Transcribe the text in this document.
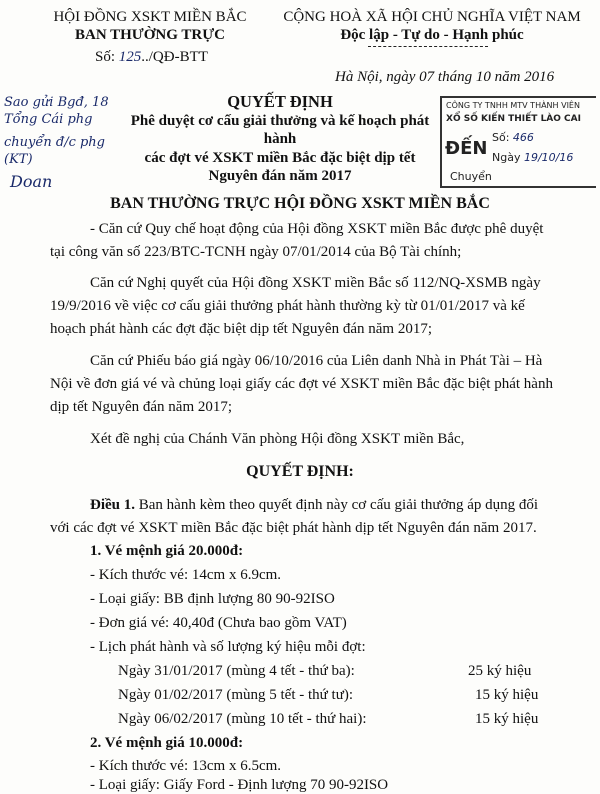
HỘI ĐỒNG XSKT MIỀN BẮC
BAN THƯỜNG TRỰC
Số: 125../QĐ-BTT
CỘNG HOÀ XÃ HỘI CHỦ NGHĨA VIỆT NAM
Độc lập - Tự do - Hạnh phúc
Hà Nội, ngày 07 tháng 10 năm 2016
Sao gửi Bgđ, 18 Tổng Cái phg
chuyển đ/c phg (KT)
Doan
CÔNG TY TNHH MTV THÀNH VIÊN
XỔ SỐ KIẾN THIẾT LÀO CAI
ĐẾN
Số: 466
Ngày 19/10/16
Chuyển
QUYẾT ĐỊNH
Phê duyệt cơ cấu giải thưởng và kế hoạch phát hành
các đợt vé XSKT miền Bắc đặc biệt dịp tết Nguyên đán năm 2017
BAN THƯỜNG TRỰC HỘI ĐỒNG XSKT MIỀN BẮC
- Căn cứ Quy chế hoạt động của Hội đồng XSKT miền Bắc được phê duyệt
tại công văn số 223/BTC-TCNH ngày 07/01/2014 của Bộ Tài chính;
Căn cứ Nghị quyết của Hội đồng XSKT miền Bắc số 112/NQ-XSMB ngày
19/9/2016 về việc cơ cấu giải thưởng phát hành thường kỳ từ 01/01/2017 và kế
hoạch phát hành các đợt đặc biệt dịp tết Nguyên đán năm 2017;
Căn cứ Phiếu báo giá ngày 06/10/2016 của Liên danh Nhà in Phát Tài – Hà
Nội về đơn giá vé và chủng loại giấy các đợt vé XSKT miền Bắc đặc biệt phát hành
dịp tết Nguyên đán năm 2017;
Xét đề nghị của Chánh Văn phòng Hội đồng XSKT miền Bắc,
QUYẾT ĐỊNH:
Điều 1. Ban hành kèm theo quyết định này cơ cấu giải thưởng áp dụng đối
với các đợt vé XSKT miền Bắc đặc biệt phát hành dịp tết Nguyên đán năm 2017.
1. Vé mệnh giá 20.000đ:
- Kích thước vé: 14cm x 6.9cm.
- Loại giấy: BB định lượng 80 90-92ISO
- Đơn giá vé: 40,40đ (Chưa bao gồm VAT)
- Lịch phát hành và số lượng ký hiệu mỗi đợt:
Ngày 31/01/2017 (mùng 4 tết - thứ ba):	25 ký hiệu
Ngày 01/02/2017 (mùng 5 tết - thứ tư):	15 ký hiệu
Ngày 06/02/2017 (mùng 10 tết - thứ hai):	15 ký hiệu
2. Vé mệnh giá 10.000đ:
- Kích thước vé: 13cm x 6.5cm.
- Loại giấy: Giấy Ford - Định lượng 70 90-92ISO
